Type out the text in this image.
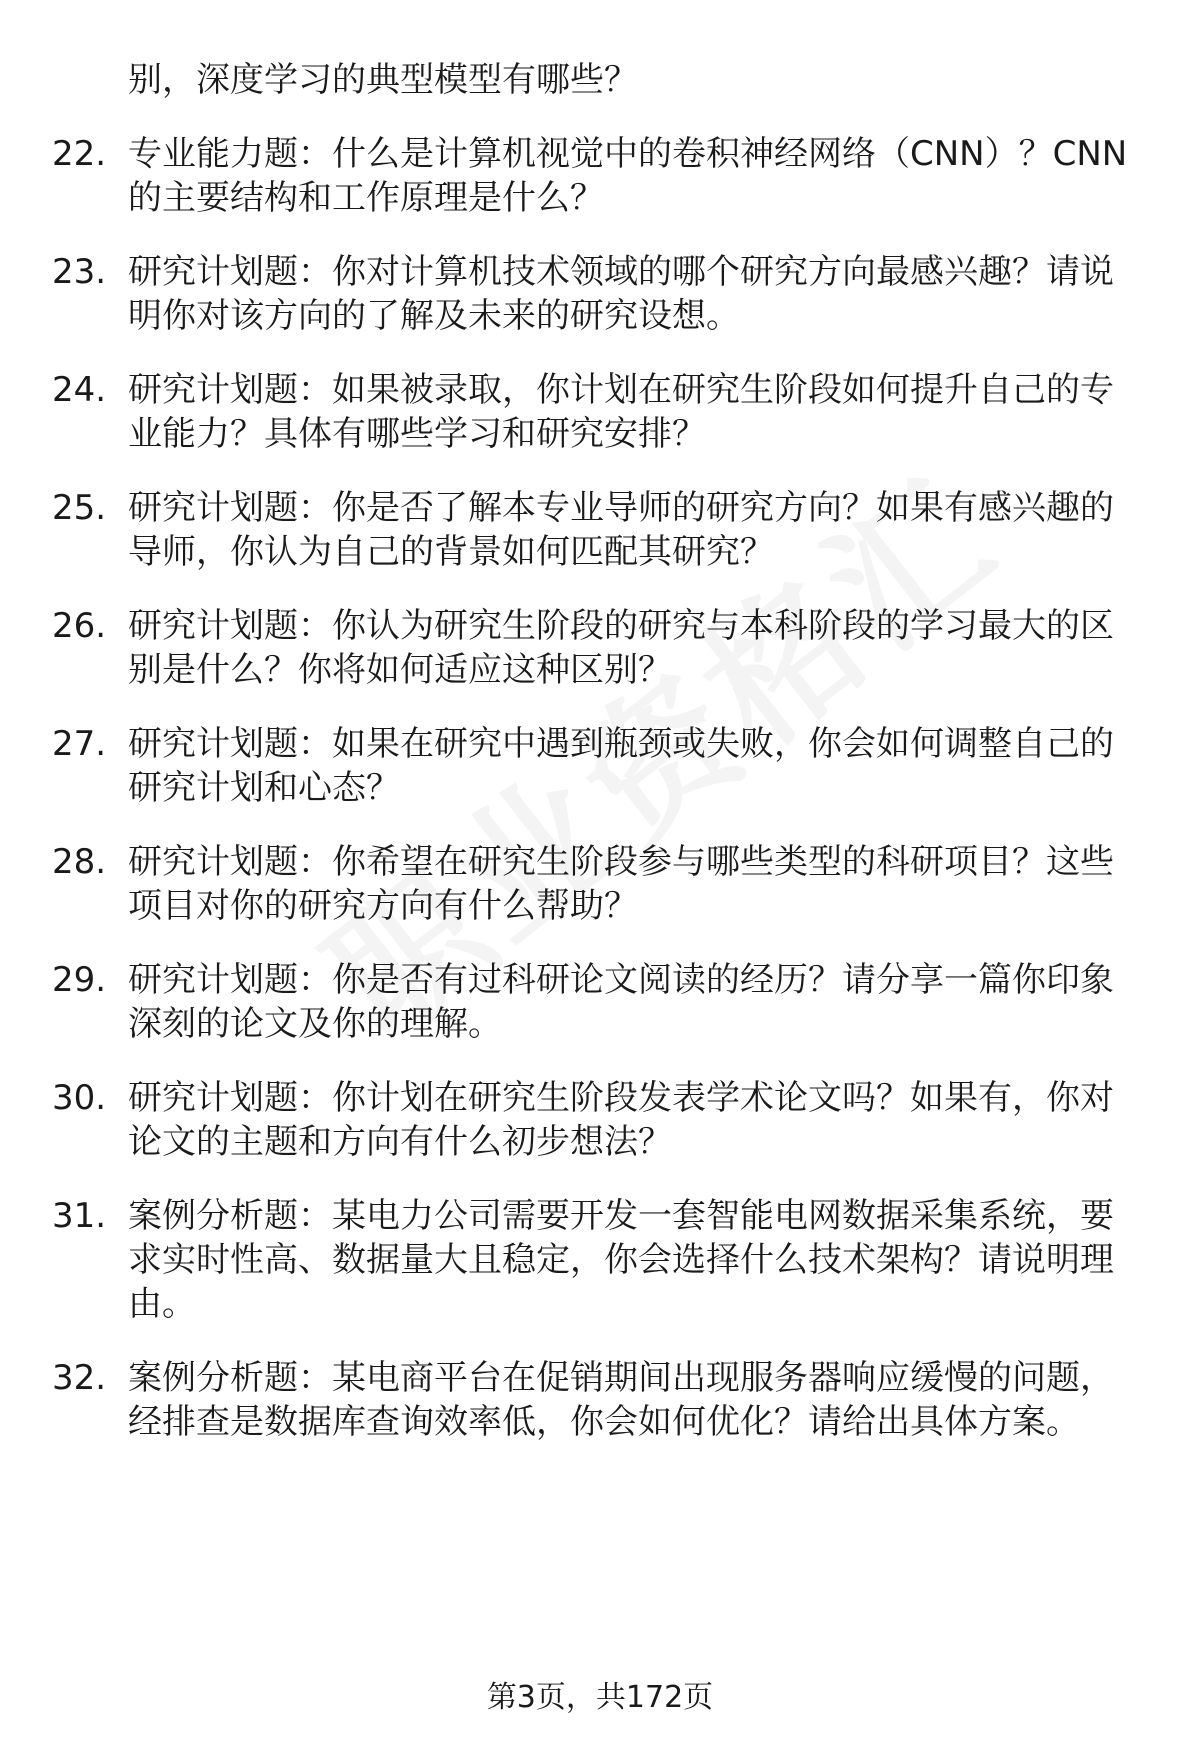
别，深度学习的典型模型有哪些？

22. 专业能力题：什么是计算机视觉中的卷积神经网络（CNN）？CNN的主要结构和工作原理是什么？
23. 研究计划题：你对计算机技术领域的哪个研究方向最感兴趣？请说明你对该方向的了解及未来的研究设想。
24. 研究计划题：如果被录取，你计划在研究生阶段如何提升自己的专业能力？具体有哪些学习和研究安排？
25. 研究计划题：你是否了解本专业导师的研究方向？如果有感兴趣的导师，你认为自己的背景如何匹配其研究？
26. 研究计划题：你认为研究生阶段的研究与本科阶段的学习最大的区别是什么？你将如何适应这种区别？
27. 研究计划题：如果在研究中遇到瓶颈或失败，你会如何调整自己的研究计划和心态？
28. 研究计划题：你希望在研究生阶段参与哪些类型的科研项目？这些项目对你的研究方向有什么帮助？
29. 研究计划题：你是否有过科研论文阅读的经历？请分享一篇你印象深刻的论文及你的理解。
30. 研究计划题：你计划在研究生阶段发表学术论文吗？如果有，你对论文的主题和方向有什么初步想法？
31. 案例分析题：某电力公司需要开发一套智能电网数据采集系统，要求实时性高、数据量大且稳定，你会选择什么技术架构？请说明理由。
32. 案例分析题：某电商平台在促销期间出现服务器响应缓慢的问题，经排查是数据库查询效率低，你会如何优化？请给出具体方案。
第3页，共172页
